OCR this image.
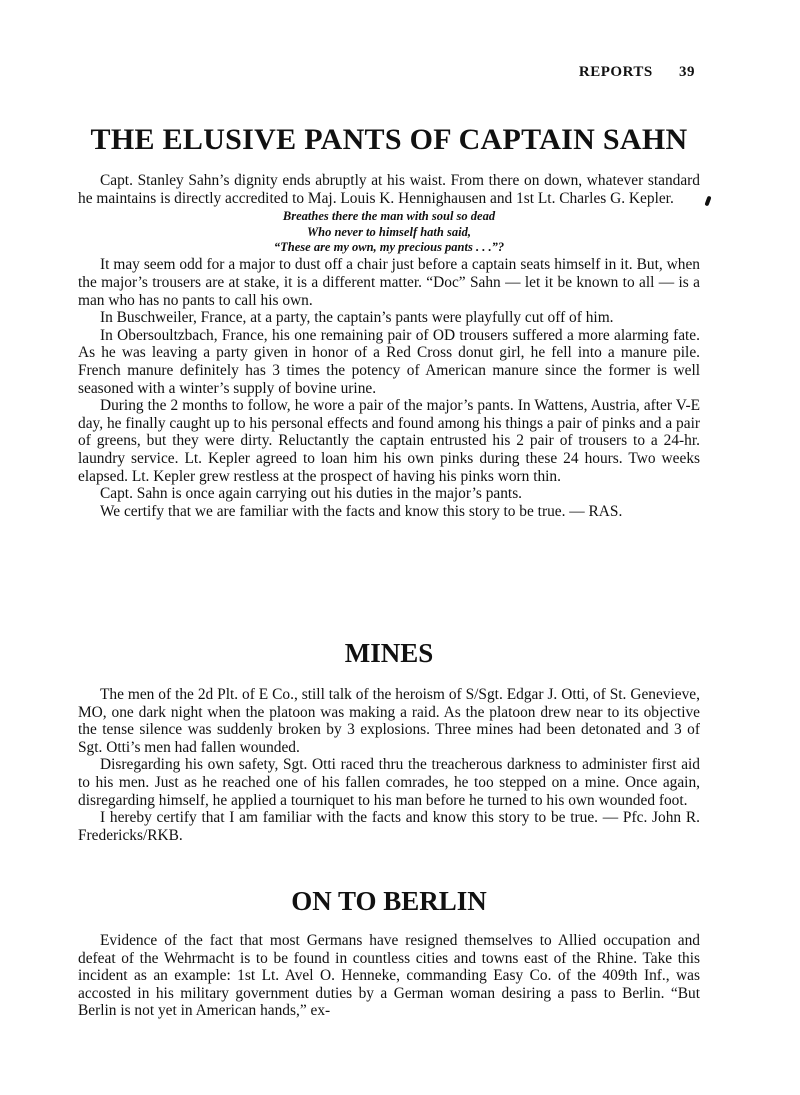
REPORTS 39
THE ELUSIVE PANTS OF CAPTAIN SAHN

Capt. Stanley Sahn’s dignity ends abruptly at his waist. From there on down, whatever standard he maintains is directly accredited to Maj. Louis K. Hennighausen and 1st Lt. Charles G. Kepler.

Breathes there the man with soul so dead
Who never to himself hath said,
“These are my own, my precious pants . . .”?

It may seem odd for a major to dust off a chair just before a captain seats himself in it. But, when the major’s trousers are at stake, it is a different matter. “Doc” Sahn — let it be known to all — is a man who has no pants to call his own.

In Buschweiler, France, at a party, the captain’s pants were playfully cut off of him.

In Obersoultzbach, France, his one remaining pair of OD trousers suffered a more alarming fate. As he was leaving a party given in honor of a Red Cross donut girl, he fell into a manure pile. French manure definitely has 3 times the potency of American manure since the former is well seasoned with a winter’s supply of bovine urine.

During the 2 months to follow, he wore a pair of the major’s pants. In Wattens, Austria, after V-E day, he finally caught up to his personal effects and found among his things a pair of pinks and a pair of greens, but they were dirty. Reluctantly the captain entrusted his 2 pair of trousers to a 24-hr. laundry service. Lt. Kepler agreed to loan him his own pinks during these 24 hours. Two weeks elapsed. Lt. Kepler grew restless at the prospect of having his pinks worn thin.

Capt. Sahn is once again carrying out his duties in the major’s pants.

We certify that we are familiar with the facts and know this story to be true. — RAS.

MINES

The men of the 2d Plt. of E Co., still talk of the heroism of S/Sgt. Edgar J. Otti, of St. Genevieve, MO, one dark night when the platoon was making a raid. As the platoon drew near to its objective the tense silence was suddenly broken by 3 explosions. Three mines had been detonated and 3 of Sgt. Otti’s men had fallen wounded.

Disregarding his own safety, Sgt. Otti raced thru the treacherous darkness to administer first aid to his men. Just as he reached one of his fallen comrades, he too stepped on a mine. Once again, disregarding himself, he applied a tourniquet to his man before he turned to his own wounded foot.

I hereby certify that I am familiar with the facts and know this story to be true. — Pfc. John R. Fredericks/RKB.

ON TO BERLIN

Evidence of the fact that most Germans have resigned themselves to Allied occupation and defeat of the Wehrmacht is to be found in countless cities and towns east of the Rhine. Take this incident as an example: 1st Lt. Avel O. Henneke, commanding Easy Co. of the 409th Inf., was accosted in his military government duties by a German woman desiring a pass to Berlin. “But Berlin is not yet in American hands,” ex-
